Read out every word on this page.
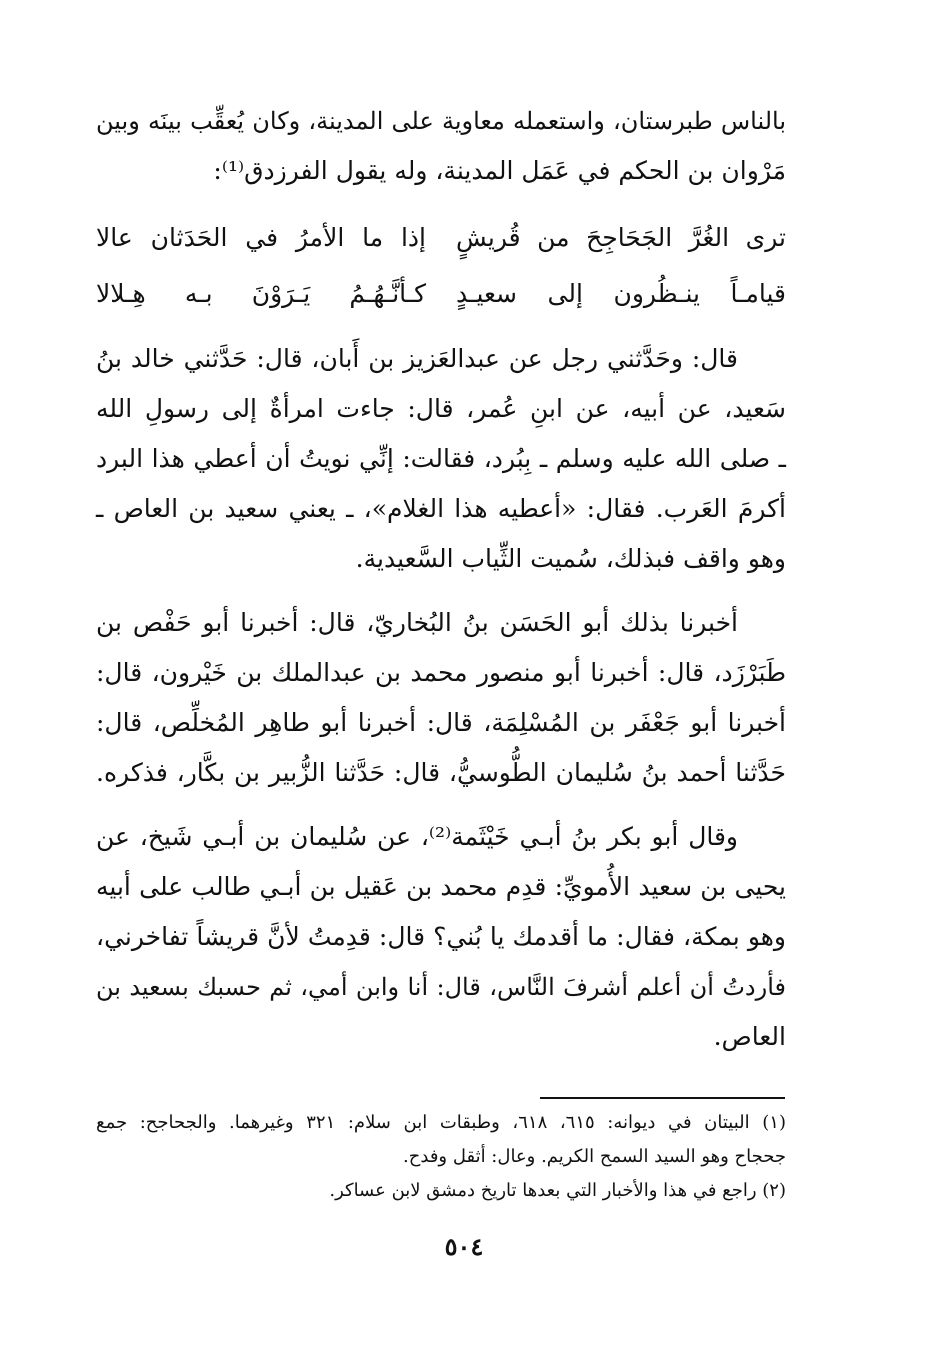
بالناس طبرستان، واستعمله معاوية على المدينة، وكان يُعقِّب بينَه وبين
مَرْوان بن الحكم في عَمَل المدينة، وله يقول الفرزدق⁽¹⁾:
ترى الغُرَّ الجَحَاجِحَ من قُريشٍ
إذا ما الأمرُ في الحَدَثان عالا
قيامـاً ينـظُرون إلى سعيـدٍ
كـأنَّـهُـمُ يَـرَوْنَ بـه هِـلالا
قال: وحَدَّثني رجل عن عبدالعَزيز بن أَبان، قال: حَدَّثني خالد بنُ
سَعيد، عن أبيه، عن ابنِ عُمر، قال: جاءت امرأةٌ إلى رسولِ الله
ـ صلى الله عليه وسلم ـ بِبُرد، فقالت: إنِّي نويتُ أن أعطي هذا البرد
أكرمَ العَرب. فقال: «أعطيه هذا الغلام»، ـ يعني سعيد بن العاص ـ
وهو واقف فبذلك، سُميت الثِّياب السَّعيدية.
أخبرنا بذلك أبو الحَسَن بنُ البُخاريّ، قال: أخبرنا أبو حَفْص بن
طَبَرْزَد، قال: أخبرنا أبو منصور محمد بن عبدالملك بن خَيْرون، قال:
أخبرنا أبو جَعْفَر بن المُسْلِمَة، قال: أخبرنا أبو طاهِر المُخلِّص، قال:
حَدَّثنا أحمد بنُ سُليمان الطُّوسيُّ، قال: حَدَّثنا الزُّبير بن بكَّار، فذكره.
وقال أبو بكر بنُ أبـي خَيْثَمة⁽²⁾، عن سُليمان بن أبـي شَيخ، عن
يحيى بن سعيد الأُمويِّ: قدِم محمد بن عَقيل بن أبـي طالب على أبيه
وهو بمكة، فقال: ما أقدمك يا بُني؟ قال: قدِمتُ لأنَّ قريشاً تفاخرني،
فأردتُ أن أعلم أشرفَ النَّاس، قال: أنا وابن أمي، ثم حسبك بسعيد بن
العاص.
(١) البيتان في ديوانه: ٦١٥، ٦١٨، وطبقات ابن سلام: ٣٢١ وغيرهما. والجحاجح: جمع
جحجاح وهو السيد السمح الكريم. وعال: أثقل وفدح.
(٢) راجع في هذا والأخبار التي بعدها تاريخ دمشق لابن عساكر.
٥٠٤
